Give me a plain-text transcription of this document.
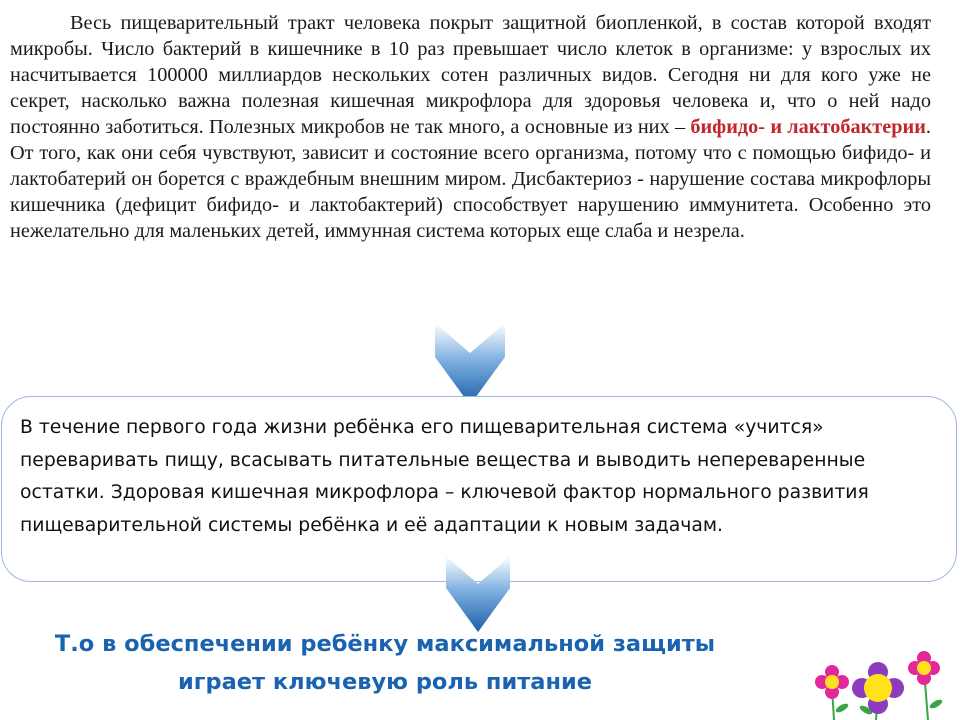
Весь пищеварительный тракт человека покрыт защитной биопленкой, в состав которой входят микробы. Число бактерий в кишечнике в 10 раз превышает число клеток в организме: у взрослых их насчитывается 100000 миллиардов нескольких сотен различных видов. Сегодня ни для кого уже не секрет, насколько важна полезная кишечная микрофлора для здоровья человека и, что о ней надо постоянно заботиться. Полезных микробов не так много, а основные из них – бифидо- и лактобактерии. От того, как они себя чувствуют, зависит и состояние всего организма, потому что с помощью бифидо- и лактобатерий он борется с враждебным внешним миром. Дисбактериоз - нарушение состава микрофлоры кишечника (дефицит бифидо- и лактобактерий) способствует нарушению иммунитета. Особенно это нежелательно для маленьких детей, иммунная система которых еще слаба и незрела.

В течение первого года жизни ребёнка его пищеварительная система «учится» переваривать пищу, всасывать питательные вещества и выводить непереваренные остатки. Здоровая кишечная микрофлора – ключевой фактор нормального развития пищеварительной системы ребёнка и её адаптации к новым задачам.

Т.о в обеспечении ребёнку максимальной защиты
играет ключевую роль питание
